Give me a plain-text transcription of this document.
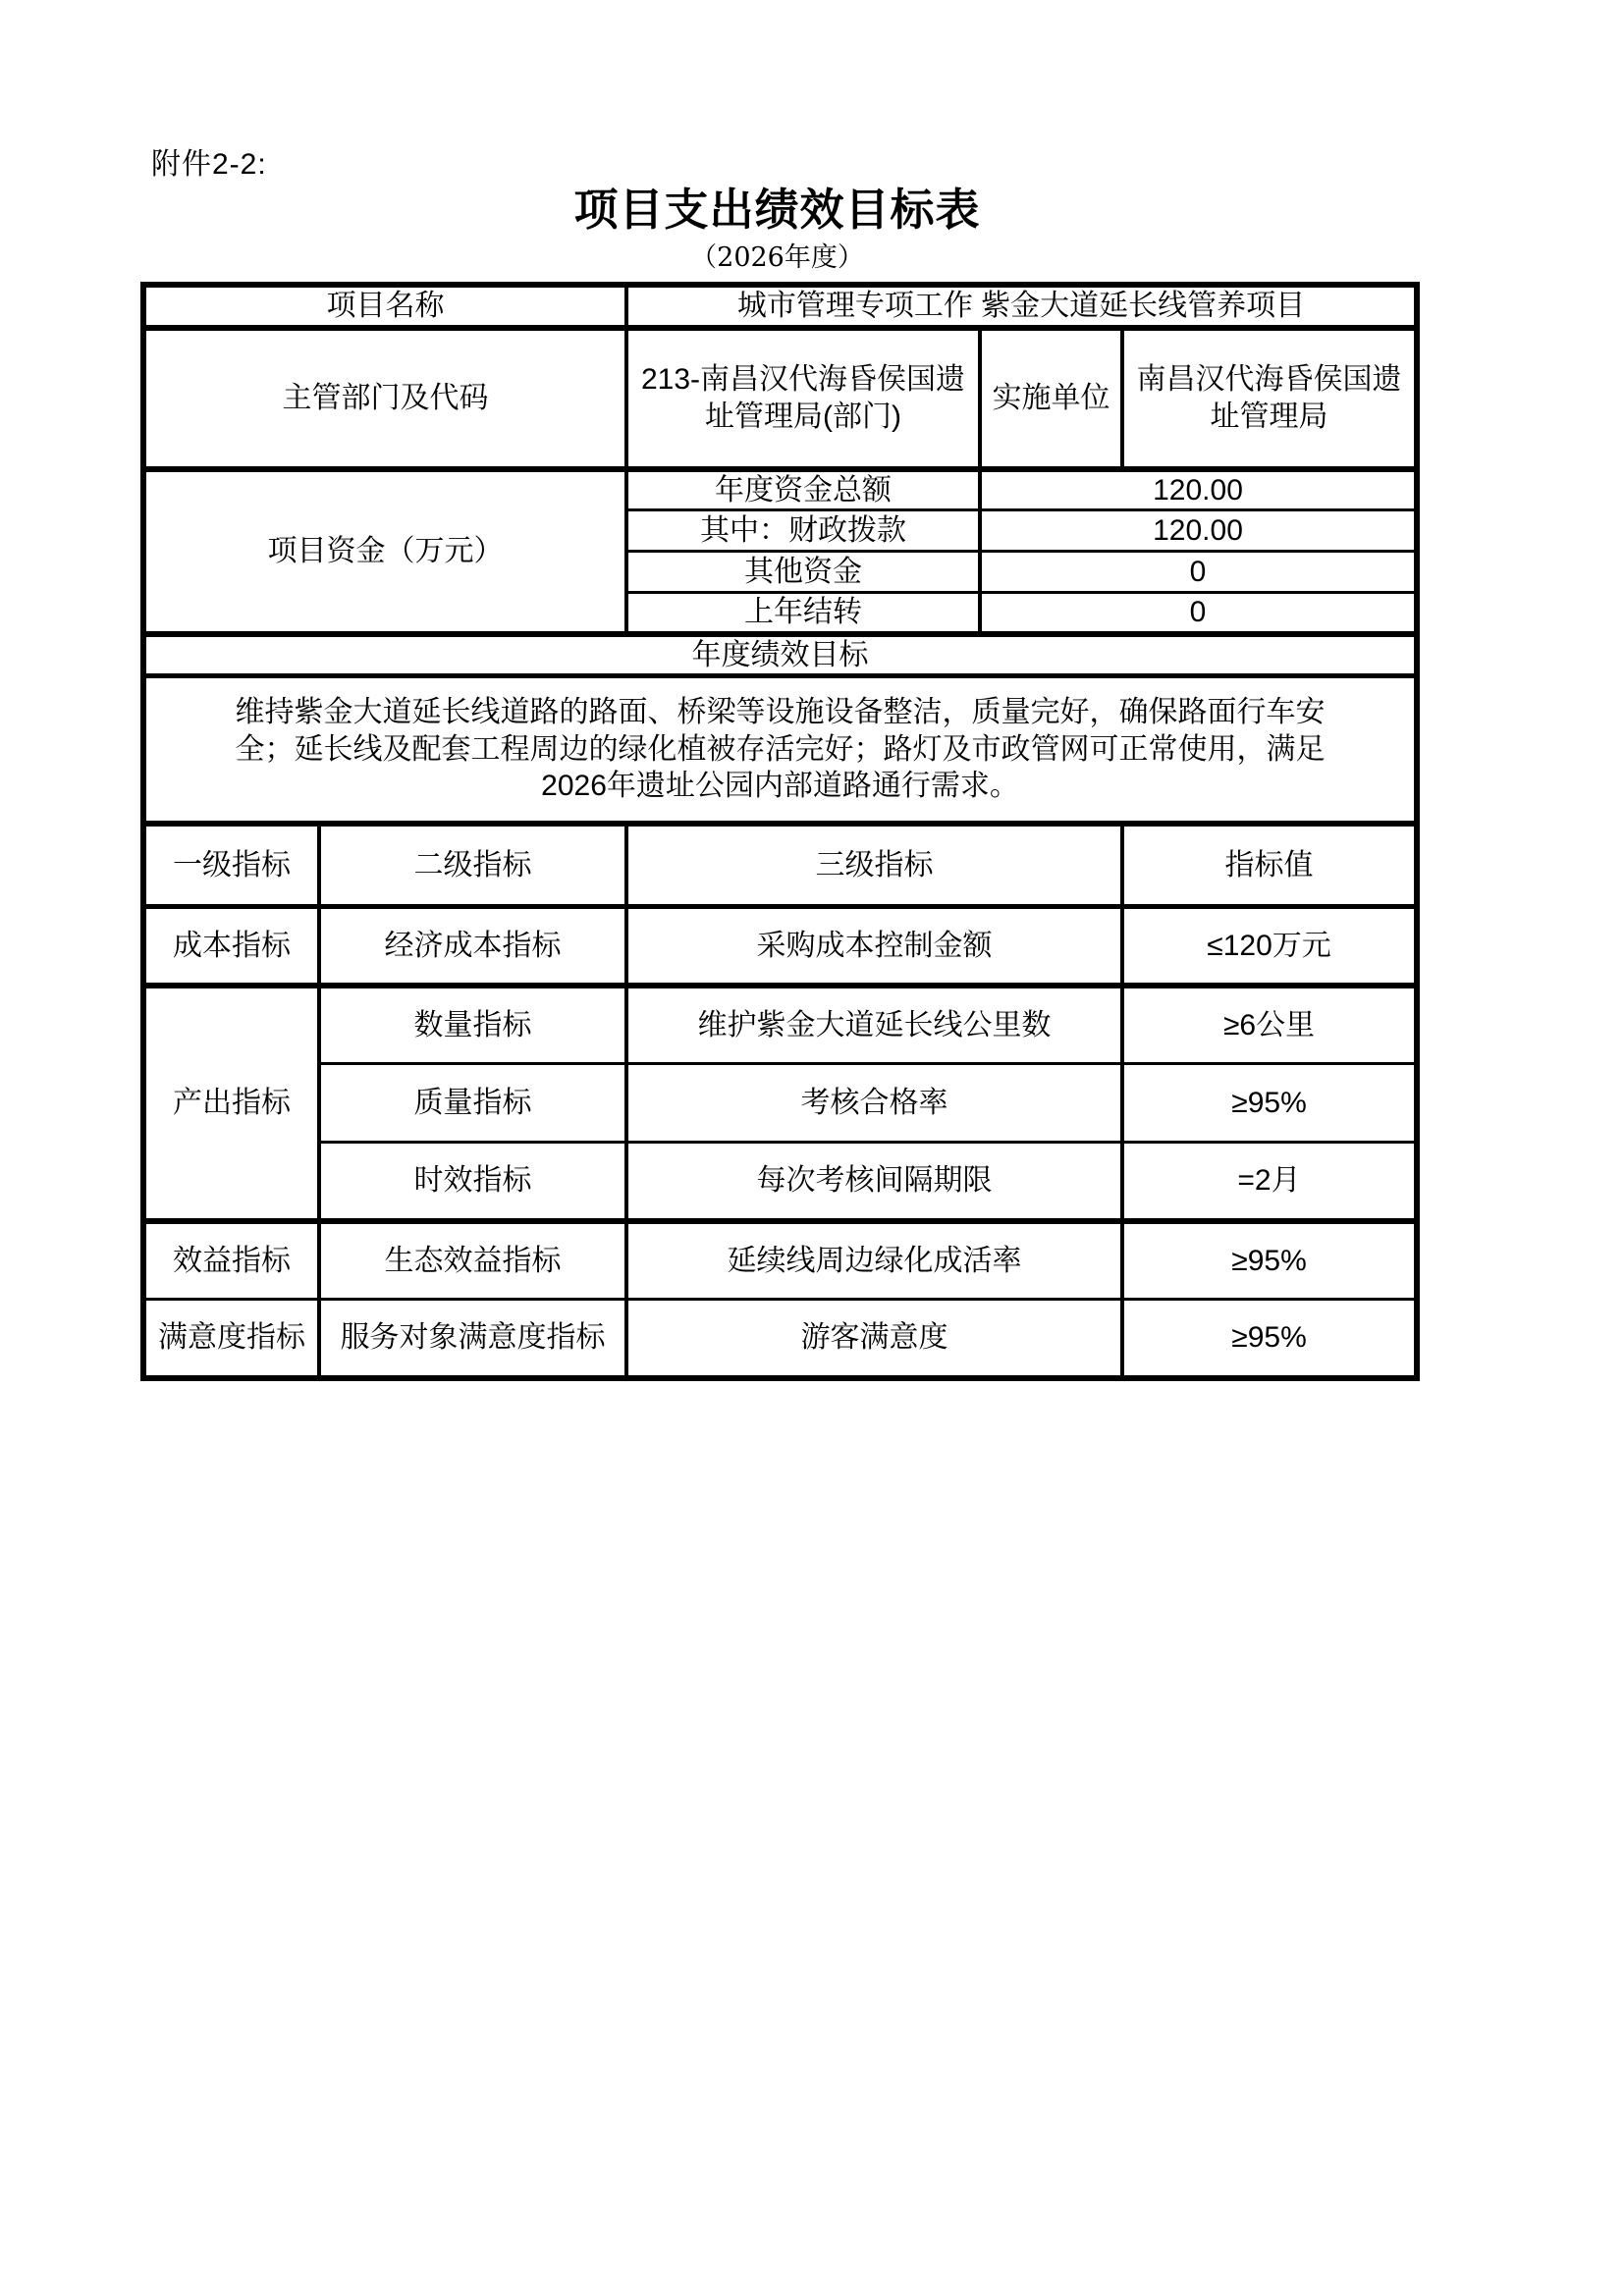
附件2-2:
项目支出绩效目标表
（2026年度）
项目名称		城市管理专项工作 紫金大道延长线管养项目		
主管部门及代码		213-南昌汉代海昏侯国遗址管理局(部门)	实施单位	南昌汉代海昏侯国遗址管理局
项目资金（万元）		年度资金总额	120.00	
		其中：财政拨款	120.00	
		其他资金	0	
		上年结转	0	
年度绩效目标				

维持紫金大道延长线道路的路面、桥梁等设施设备整洁，质量完好，确保路面行车安
全；延长线及配套工程周边的绿化植被存活完好；路灯及市政管网可正常使用，满足
2026年遗址公园内部道路通行需求。				

一级指标	二级指标	三级指标		指标值
成本指标	经济成本指标	采购成本控制金额		≤120万元
产出指标	数量指标	维护紫金大道延长线公里数		≥6公里
	质量指标	考核合格率		≥95%
	时效指标	每次考核间隔期限		=2月
效益指标	生态效益指标	延续线周边绿化成活率		≥95%
满意度指标	服务对象满意度指标	游客满意度		≥95%
